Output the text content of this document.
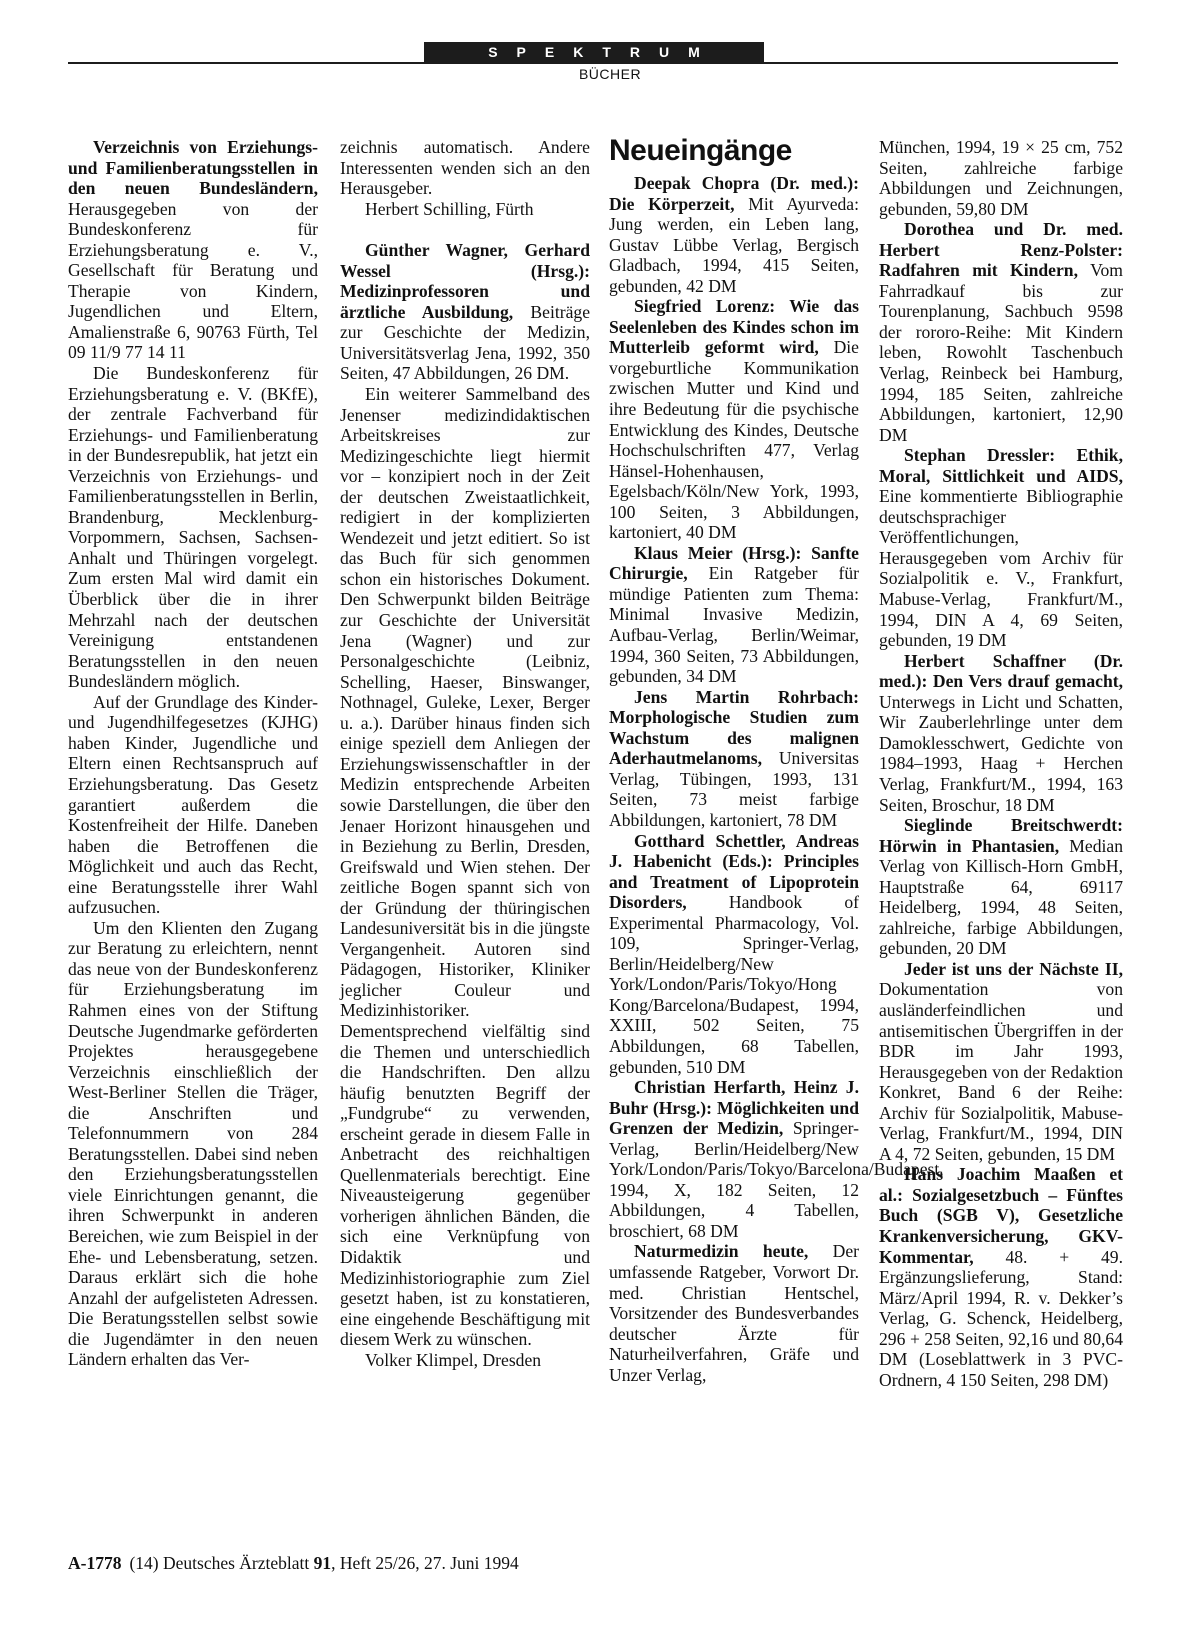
SPEKTRUM
BÜCHER

Verzeichnis von Erziehungs- und Familienberatungsstellen in den neuen Bundesländern, Herausgegeben von der Bundeskonferenz für Erziehungsberatung e. V., Gesellschaft für Beratung und Therapie von Kindern, Jugendlichen und Eltern, Amalienstraße 6, 90763 Fürth, Tel 09 11/9 77 14 11

Die Bundeskonferenz für Erziehungsberatung e. V. (BKfE), der zentrale Fachverband für Erziehungs- und Familienberatung in der Bundesrepublik, hat jetzt ein Verzeichnis von Erziehungs- und Familienberatungsstellen in Berlin, Brandenburg, Mecklenburg-Vorpommern, Sachsen, Sachsen-Anhalt und Thüringen vorgelegt. Zum ersten Mal wird damit ein Überblick über die in ihrer Mehrzahl nach der deutschen Vereinigung entstandenen Beratungsstellen in den neuen Bundesländern möglich.

Auf der Grundlage des Kinder- und Jugendhilfegesetzes (KJHG) haben Kinder, Jugendliche und Eltern einen Rechtsanspruch auf Erziehungsberatung. Das Gesetz garantiert außerdem die Kostenfreiheit der Hilfe. Daneben haben die Betroffenen die Möglichkeit und auch das Recht, eine Beratungsstelle ihrer Wahl aufzusuchen.

Um den Klienten den Zugang zur Beratung zu erleichtern, nennt das neue von der Bundeskonferenz für Erziehungsberatung im Rahmen eines von der Stiftung Deutsche Jugendmarke geförderten Projektes herausgegebene Verzeichnis einschließlich der West-Berliner Stellen die Träger, die Anschriften und Telefonnummern von 284 Beratungsstellen. Dabei sind neben den Erziehungsberatungsstellen viele Einrichtungen genannt, die ihren Schwerpunkt in anderen Bereichen, wie zum Beispiel in der Ehe- und Lebensberatung, setzen. Daraus erklärt sich die hohe Anzahl der aufgelisteten Adressen. Die Beratungsstellen selbst sowie die Jugendämter in den neuen Ländern erhalten das Ver-

zeichnis automatisch. Andere Interessenten wenden sich an den Herausgeber.

Herbert Schilling, Fürth

Günther Wagner, Gerhard Wessel (Hrsg.): Medizinprofessoren und ärztliche Ausbildung, Beiträge zur Geschichte der Medizin, Universitätsverlag Jena, 1992, 350 Seiten, 47 Abbildungen, 26 DM.

Ein weiterer Sammelband des Jenenser medizindidaktischen Arbeitskreises zur Medizingeschichte liegt hiermit vor – konzipiert noch in der Zeit der deutschen Zweistaatlichkeit, redigiert in der komplizierten Wendezeit und jetzt editiert. So ist das Buch für sich genommen schon ein historisches Dokument. Den Schwerpunkt bilden Beiträge zur Geschichte der Universität Jena (Wagner) und zur Personalgeschichte (Leibniz, Schelling, Haeser, Binswanger, Nothnagel, Guleke, Lexer, Berger u. a.). Darüber hinaus finden sich einige speziell dem Anliegen der Erziehungswissenschaftler in der Medizin entsprechende Arbeiten sowie Darstellungen, die über den Jenaer Horizont hinausgehen und in Beziehung zu Berlin, Dresden, Greifswald und Wien stehen. Der zeitliche Bogen spannt sich von der Gründung der thüringischen Landesuniversität bis in die jüngste Vergangenheit. Autoren sind Pädagogen, Historiker, Kliniker jeglicher Couleur und Medizinhistoriker. Dementsprechend vielfältig sind die Themen und unterschiedlich die Handschriften. Den allzu häufig benutzten Begriff der „Fundgrube“ zu verwenden, erscheint gerade in diesem Falle in Anbetracht des reichhaltigen Quellenmaterials berechtigt. Eine Niveausteigerung gegenüber vorherigen ähnlichen Bänden, die sich eine Verknüpfung von Didaktik und Medizinhistoriographie zum Ziel gesetzt haben, ist zu konstatieren, eine eingehende Beschäftigung mit diesem Werk zu wünschen.

Volker Klimpel, Dresden

Neueingänge

Deepak Chopra (Dr. med.): Die Körperzeit, Mit Ayurveda: Jung werden, ein Leben lang, Gustav Lübbe Verlag, Bergisch Gladbach, 1994, 415 Seiten, gebunden, 42 DM

Siegfried Lorenz: Wie das Seelenleben des Kindes schon im Mutterleib geformt wird, Die vorgeburtliche Kommunikation zwischen Mutter und Kind und ihre Bedeutung für die psychische Entwicklung des Kindes, Deutsche Hochschulschriften 477, Verlag Hänsel-Hohenhausen, Egelsbach/Köln/New York, 1993, 100 Seiten, 3 Abbildungen, kartoniert, 40 DM

Klaus Meier (Hrsg.): Sanfte Chirurgie, Ein Ratgeber für mündige Patienten zum Thema: Minimal Invasive Medizin, Aufbau-Verlag, Berlin/Weimar, 1994, 360 Seiten, 73 Abbildungen, gebunden, 34 DM

Jens Martin Rohrbach: Morphologische Studien zum Wachstum des malignen Aderhautmelanoms, Universitas Verlag, Tübingen, 1993, 131 Seiten, 73 meist farbige Abbildungen, kartoniert, 78 DM

Gotthard Schettler, Andreas J. Habenicht (Eds.): Principles and Treatment of Lipoprotein Disorders, Handbook of Experimental Pharmacology, Vol. 109, Springer-Verlag, Berlin/Heidelberg/New York/London/Paris/Tokyo/Hong Kong/Barcelona/Budapest, 1994, XXIII, 502 Seiten, 75 Abbildungen, 68 Tabellen, gebunden, 510 DM

Christian Herfarth, Heinz J. Buhr (Hrsg.): Möglichkeiten und Grenzen der Medizin, Springer-Verlag, Berlin/Heidelberg/New York/London/Paris/Tokyo/Barcelona/Budapest, 1994, X, 182 Seiten, 12 Abbildungen, 4 Tabellen, broschiert, 68 DM

Naturmedizin heute, Der umfassende Ratgeber, Vorwort Dr. med. Christian Hentschel, Vorsitzender des Bundesverbandes deutscher Ärzte für Naturheilverfahren, Gräfe und Unzer Verlag,

München, 1994, 19 × 25 cm, 752 Seiten, zahlreiche farbige Abbildungen und Zeichnungen, gebunden, 59,80 DM

Dorothea und Dr. med. Herbert Renz-Polster: Radfahren mit Kindern, Vom Fahrradkauf bis zur Tourenplanung, Sachbuch 9598 der rororo-Reihe: Mit Kindern leben, Rowohlt Taschenbuch Verlag, Reinbeck bei Hamburg, 1994, 185 Seiten, zahlreiche Abbildungen, kartoniert, 12,90 DM

Stephan Dressler: Ethik, Moral, Sittlichkeit und AIDS, Eine kommentierte Bibliographie deutschsprachiger Veröffentlichungen, Herausgegeben vom Archiv für Sozialpolitik e. V., Frankfurt, Mabuse-Verlag, Frankfurt/M., 1994, DIN A 4, 69 Seiten, gebunden, 19 DM

Herbert Schaffner (Dr. med.): Den Vers drauf gemacht, Unterwegs in Licht und Schatten, Wir Zauberlehrlinge unter dem Damoklesschwert, Gedichte von 1984–1993, Haag + Herchen Verlag, Frankfurt/M., 1994, 163 Seiten, Broschur, 18 DM

Sieglinde Breitschwerdt: Hörwin in Phantasien, Median Verlag von Killisch-Horn GmbH, Hauptstraße 64, 69117 Heidelberg, 1994, 48 Seiten, zahlreiche, farbige Abbildungen, gebunden, 20 DM

Jeder ist uns der Nächste II, Dokumentation von ausländerfeindlichen und antisemitischen Übergriffen in der BDR im Jahr 1993, Herausgegeben von der Redaktion Konkret, Band 6 der Reihe: Archiv für Sozialpolitik, Mabuse-Verlag, Frankfurt/M., 1994, DIN A 4, 72 Seiten, gebunden, 15 DM

Hans Joachim Maaßen et al.: Sozialgesetzbuch – Fünftes Buch (SGB V), Gesetzliche Krankenversicherung, GKV-Kommentar, 48. + 49. Ergänzungslieferung, Stand: März/April 1994, R. v. Dekker’s Verlag, G. Schenck, Heidelberg, 296 + 258 Seiten, 92,16 und 80,64 DM (Loseblattwerk in 3 PVC-Ordnern, 4 150 Seiten, 298 DM)

A-1778 (14) Deutsches Ärzteblatt 91, Heft 25/26, 27. Juni 1994
